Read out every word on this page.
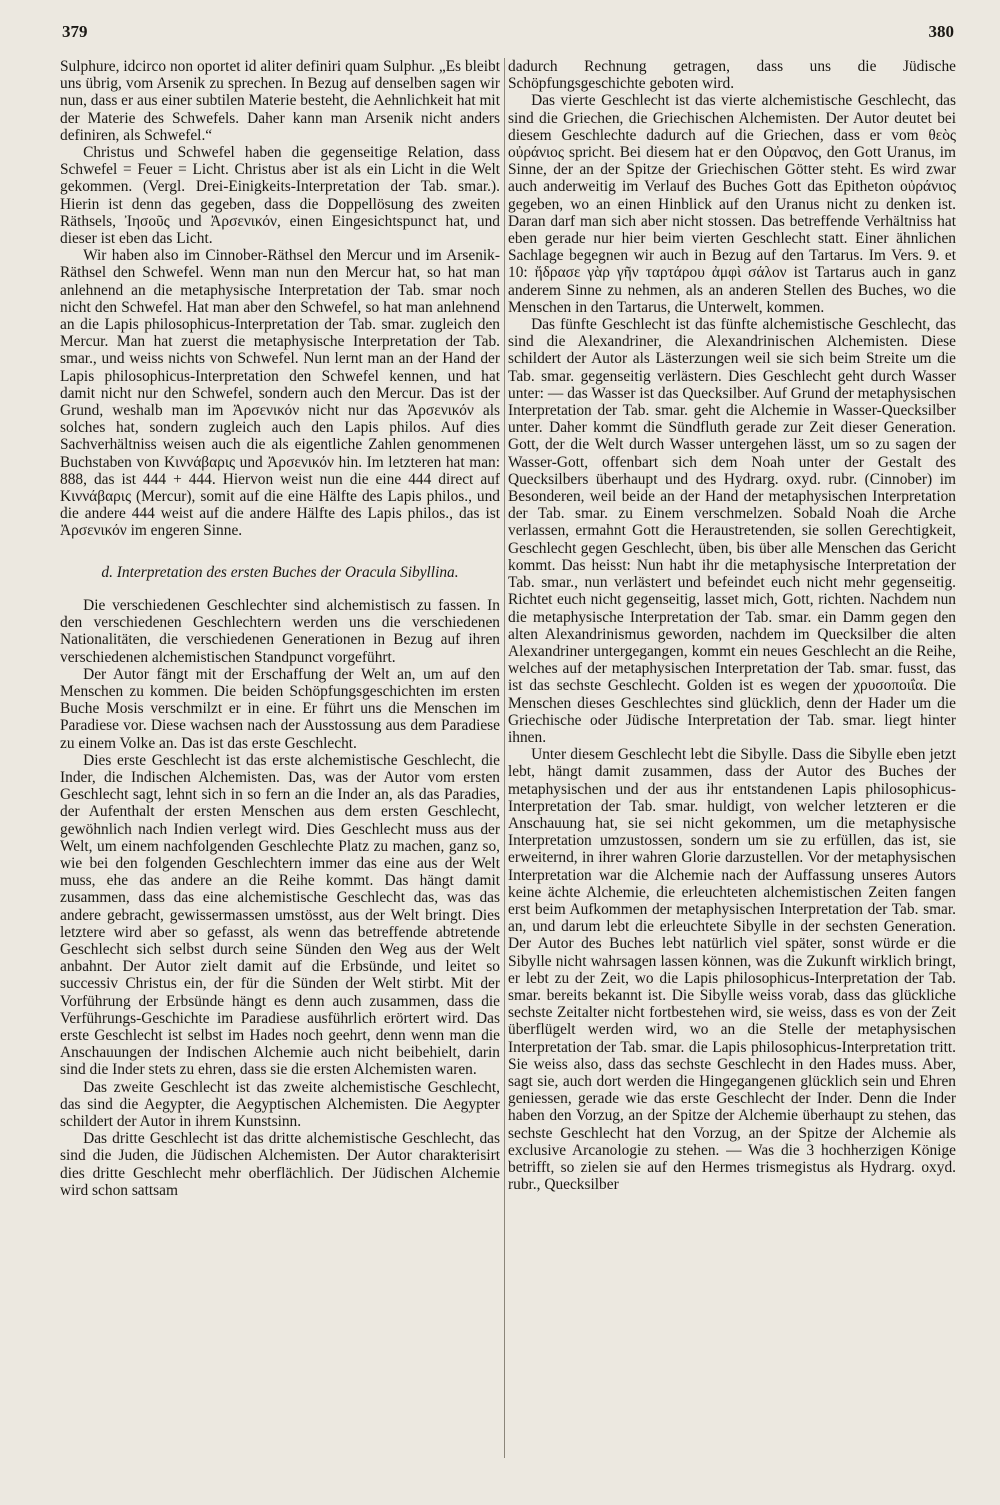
379	380

Sulphure, idcirco non oportet id aliter definiri quam Sulphur. „Es bleibt uns übrig, vom Arsenik zu sprechen. In Bezug auf denselben sagen wir nun, dass er aus einer subtilen Materie besteht, die Aehnlichkeit hat mit der Materie des Schwefels. Daher kann man Arsenik nicht anders definiren, als Schwefel.“

Christus und Schwefel haben die gegenseitige Relation, dass Schwefel = Feuer = Licht. Christus aber ist als ein Licht in die Welt gekommen. (Vergl. Drei-Einigkeits-Interpretation der Tab. smar.). Hierin ist denn das gegeben, dass die Doppellösung des zweiten Räthsels, Ἰησοῦς und Ἀρσενικόν, einen Eingesichtspunct hat, und dieser ist eben das Licht.

Wir haben also im Cinnober-Räthsel den Mercur und im Arsenik-Räthsel den Schwefel. Wenn man nun den Mercur hat, so hat man anlehnend an die metaphysische Interpretation der Tab. smar noch nicht den Schwefel. Hat man aber den Schwefel, so hat man anlehnend an die Lapis philosophicus-Interpretation der Tab. smar. zugleich den Mercur. Man hat zuerst die metaphysische Interpretation der Tab. smar., und weiss nichts von Schwefel. Nun lernt man an der Hand der Lapis philosophicus-Interpretation den Schwefel kennen, und hat damit nicht nur den Schwefel, sondern auch den Mercur. Das ist der Grund, weshalb man im Ἀρσενικόν nicht nur das Ἀρσενικόν als solches hat, sondern zugleich auch den Lapis philos. Auf dies Sachverhältniss weisen auch die als eigentliche Zahlen genommenen Buchstaben von Κιννάβαρις und Ἀρσενικόν hin. Im letzteren hat man: 888, das ist 444 + 444. Hiervon weist nun die eine 444 direct auf Κιννάβαρις (Mercur), somit auf die eine Hälfte des Lapis philos., und die andere 444 weist auf die andere Hälfte des Lapis philos., das ist Ἀρσενικόν im engeren Sinne.

d. Interpretation des ersten Buches der Oracula Sibyllina.

Die verschiedenen Geschlechter sind alchemistisch zu fassen. In den verschiedenen Geschlechtern werden uns die verschiedenen Nationalitäten, die verschiedenen Generationen in Bezug auf ihren verschiedenen alchemistischen Standpunct vorgeführt.

Der Autor fängt mit der Erschaffung der Welt an, um auf den Menschen zu kommen. Die beiden Schöpfungsgeschichten im ersten Buche Mosis verschmilzt er in eine. Er führt uns die Menschen im Paradiese vor. Diese wachsen nach der Ausstossung aus dem Paradiese zu einem Volke an. Das ist das erste Geschlecht.

Dies erste Geschlecht ist das erste alchemistische Geschlecht, die Inder, die Indischen Alchemisten. Das, was der Autor vom ersten Geschlecht sagt, lehnt sich in so fern an die Inder an, als das Paradies, der Aufenthalt der ersten Menschen aus dem ersten Geschlecht, gewöhnlich nach Indien verlegt wird. Dies Geschlecht muss aus der Welt, um einem nachfolgenden Geschlechte Platz zu machen, ganz so, wie bei den folgenden Geschlechtern immer das eine aus der Welt muss, ehe das andere an die Reihe kommt. Das hängt damit zusammen, dass das eine alchemistische Geschlecht das, was das andere gebracht, gewissermassen umstösst, aus der Welt bringt. Dies letztere wird aber so gefasst, als wenn das betreffende abtretende Geschlecht sich selbst durch seine Sünden den Weg aus der Welt anbahnt. Der Autor zielt damit auf die Erbsünde, und leitet so successiv Christus ein, der für die Sünden der Welt stirbt. Mit der Vorführung der Erbsünde hängt es denn auch zusammen, dass die Verführungs-Geschichte im Paradiese ausführlich erörtert wird. Das erste Geschlecht ist selbst im Hades noch geehrt, denn wenn man die Anschauungen der Indischen Alchemie auch nicht beibehielt, darin sind die Inder stets zu ehren, dass sie die ersten Alchemisten waren.

Das zweite Geschlecht ist das zweite alchemistische Geschlecht, das sind die Aegypter, die Aegyptischen Alchemisten. Die Aegypter schildert der Autor in ihrem Kunstsinn.

Das dritte Geschlecht ist das dritte alchemistische Geschlecht, das sind die Juden, die Jüdischen Alchemisten. Der Autor charakterisirt dies dritte Geschlecht mehr oberflächlich. Der Jüdischen Alchemie wird schon sattsam

dadurch Rechnung getragen, dass uns die Jüdische Schöpfungsgeschichte geboten wird.

Das vierte Geschlecht ist das vierte alchemistische Geschlecht, das sind die Griechen, die Griechischen Alchemisten. Der Autor deutet bei diesem Geschlechte dadurch auf die Griechen, dass er vom θεὸς οὐράνιος spricht. Bei diesem hat er den Οὐρανος, den Gott Uranus, im Sinne, der an der Spitze der Griechischen Götter steht. Es wird zwar auch anderweitig im Verlauf des Buches Gott das Epitheton οὐράνιος gegeben, wo an einen Hinblick auf den Uranus nicht zu denken ist. Daran darf man sich aber nicht stossen. Das betreffende Verhältniss hat eben gerade nur hier beim vierten Geschlecht statt. Einer ähnlichen Sachlage begegnen wir auch in Bezug auf den Tartarus. Im Vers. 9. et 10: ἤδρασε γὰρ γῆν ταρτάρου ἀμφὶ σάλον ist Tartarus auch in ganz anderem Sinne zu nehmen, als an anderen Stellen des Buches, wo die Menschen in den Tartarus, die Unterwelt, kommen.

Das fünfte Geschlecht ist das fünfte alchemistische Geschlecht, das sind die Alexandriner, die Alexandrinischen Alchemisten. Diese schildert der Autor als Lästerzungen weil sie sich beim Streite um die Tab. smar. gegenseitig verlästern. Dies Geschlecht geht durch Wasser unter: — das Wasser ist das Quecksilber. Auf Grund der metaphysischen Interpretation der Tab. smar. geht die Alchemie in Wasser-Quecksilber unter. Daher kommt die Sündfluth gerade zur Zeit dieser Generation. Gott, der die Welt durch Wasser untergehen lässt, um so zu sagen der Wasser-Gott, offenbart sich dem Noah unter der Gestalt des Quecksilbers überhaupt und des Hydrarg. oxyd. rubr. (Cinnober) im Besonderen, weil beide an der Hand der metaphysischen Interpretation der Tab. smar. zu Einem verschmelzen. Sobald Noah die Arche verlassen, ermahnt Gott die Heraustretenden, sie sollen Gerechtigkeit, Geschlecht gegen Geschlecht, üben, bis über alle Menschen das Gericht kommt. Das heisst: Nun habt ihr die metaphysische Interpretation der Tab. smar., nun verlästert und befeindet euch nicht mehr gegenseitig. Richtet euch nicht gegenseitig, lasset mich, Gott, richten. Nachdem nun die metaphysische Interpretation der Tab. smar. ein Damm gegen den alten Alexandrinismus geworden, nachdem im Quecksilber die alten Alexandriner untergegangen, kommt ein neues Geschlecht an die Reihe, welches auf der metaphysischen Interpretation der Tab. smar. fusst, das ist das sechste Geschlecht. Golden ist es wegen der χρυσοποιΐα. Die Menschen dieses Geschlechtes sind glücklich, denn der Hader um die Griechische oder Jüdische Interpretation der Tab. smar. liegt hinter ihnen.

Unter diesem Geschlecht lebt die Sibylle. Dass die Sibylle eben jetzt lebt, hängt damit zusammen, dass der Autor des Buches der metaphysischen und der aus ihr entstandenen Lapis philosophicus-Interpretation der Tab. smar. huldigt, von welcher letzteren er die Anschauung hat, sie sei nicht gekommen, um die metaphysische Interpretation umzustossen, sondern um sie zu erfüllen, das ist, sie erweiternd, in ihrer wahren Glorie darzustellen. Vor der metaphysischen Interpretation war die Alchemie nach der Auffassung unseres Autors keine ächte Alchemie, die erleuchteten alchemistischen Zeiten fangen erst beim Aufkommen der metaphysischen Interpretation der Tab. smar. an, und darum lebt die erleuchtete Sibylle in der sechsten Generation. Der Autor des Buches lebt natürlich viel später, sonst würde er die Sibylle nicht wahrsagen lassen können, was die Zukunft wirklich bringt, er lebt zu der Zeit, wo die Lapis philosophicus-Interpretation der Tab. smar. bereits bekannt ist. Die Sibylle weiss vorab, dass das glückliche sechste Zeitalter nicht fortbestehen wird, sie weiss, dass es von der Zeit überflügelt werden wird, wo an die Stelle der metaphysischen Interpretation der Tab. smar. die Lapis philosophicus-Interpretation tritt. Sie weiss also, dass das sechste Geschlecht in den Hades muss. Aber, sagt sie, auch dort werden die Hingegangenen glücklich sein und Ehren geniessen, gerade wie das erste Geschlecht der Inder. Denn die Inder haben den Vorzug, an der Spitze der Alchemie überhaupt zu stehen, das sechste Geschlecht hat den Vorzug, an der Spitze der Alchemie als exclusive Arcanologie zu stehen. — Was die 3 hochherzigen Könige betrifft, so zielen sie auf den Hermes trismegistus als Hydrarg. oxyd. rubr., Quecksilber
